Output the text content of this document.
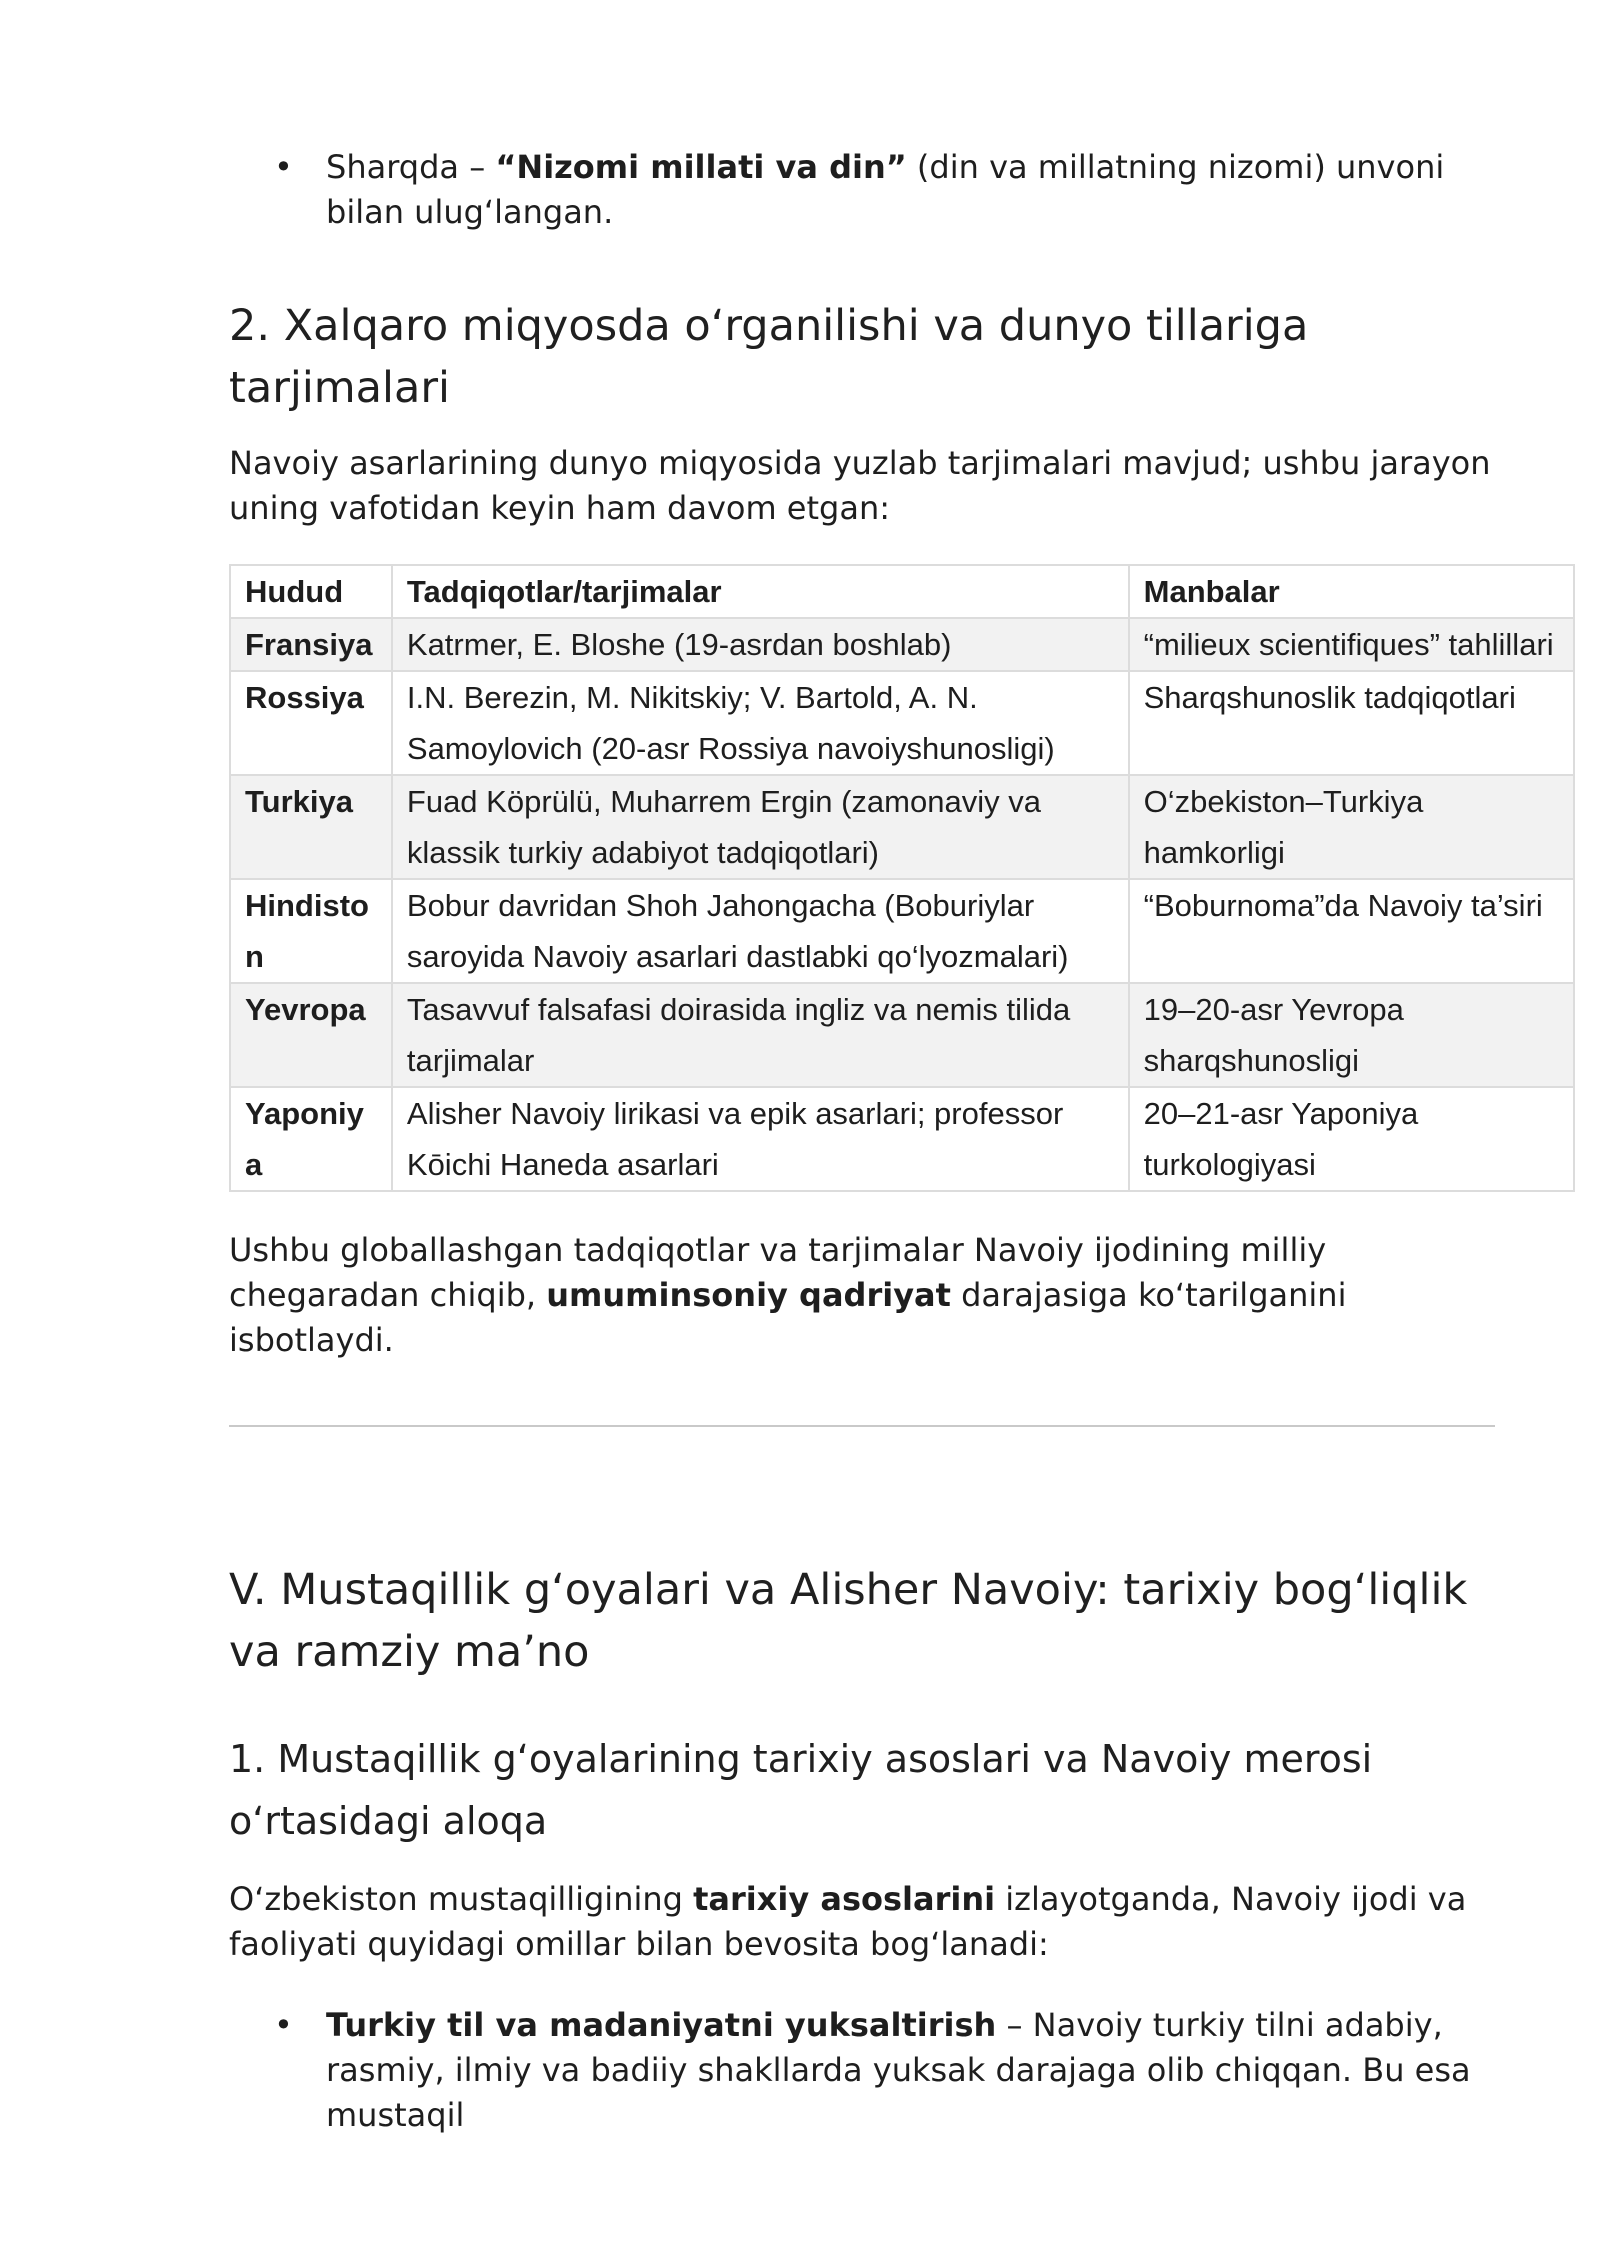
• Sharqda – “Nizomi millati va din” (din va millatning nizomi) unvoni bilan ulug‘langan.
2. Xalqaro miqyosda o‘rganilishi va dunyo tillariga tarjimalari

Navoiy asarlarining dunyo miqyosida yuzlab tarjimalari mavjud; ushbu jarayon uning vafotidan keyin ham davom etgan:

Hudud	Tadqiqotlar/tarjimalar	Manbalar
Fransiya	Katrmer, E. Bloshe (19-asrdan boshlab)	“milieux scientifiques” tahlillari
Rossiya	I.N. Berezin, M. Nikitskiy; V. Bartold, A. N. Samoylovich (20-asr Rossiya navoiyshunosligi)	Sharqshunoslik tadqiqotlari
Turkiya	Fuad Köprülü, Muharrem Ergin (zamonaviy va klassik turkiy adabiyot tadqiqotlari)	O‘zbekiston–Turkiya hamkorligi
Hindiston	Bobur davridan Shoh Jahongacha (Boburiylar saroyida Navoiy asarlari dastlabki qo‘lyozmalari)	“Boburnoma”da Navoiy ta’siri
Yevropa	Tasavvuf falsafasi doirasida ingliz va nemis tilida tarjimalar	19–20-asr Yevropa sharqshunosligi
Yaponiya	Alisher Navoiy lirikasi va epik asarlari; professor Kōichi Haneda asarlari	20–21-asr Yaponiya turkologiyasi

Ushbu globallashgan tadqiqotlar va tarjimalar Navoiy ijodining milliy chegaradan chiqib, umuminsoniy qadriyat darajasiga ko‘tarilganini isbotlaydi.

V. Mustaqillik g‘oyalari va Alisher Navoiy: tarixiy bog‘liqlik va ramziy ma’no
1. Mustaqillik g‘oyalarining tarixiy asoslari va Navoiy merosi o‘rtasidagi aloqa

O‘zbekiston mustaqilligining tarixiy asoslarini izlayotganda, Navoiy ijodi va faoliyati quyidagi omillar bilan bevosita bog‘lanadi:

• Turkiy til va madaniyatni yuksaltirish – Navoiy turkiy tilni adabiy, rasmiy, ilmiy va badiiy shakllarda yuksak darajaga olib chiqqan. Bu esa mustaqil
